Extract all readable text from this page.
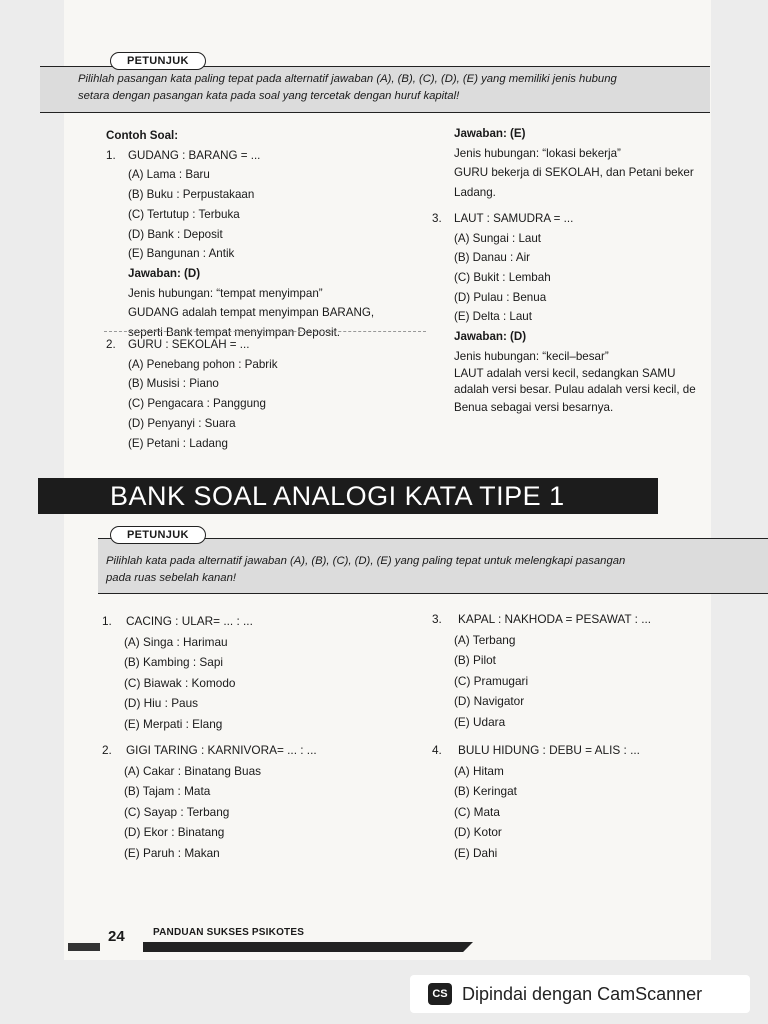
Pilihlah pasangan kata paling tepat pada alternatif jawaban (A), (B), (C), (D), (E) yang memiliki jenis hubung
setara dengan pasangan kata pada soal yang tercetak dengan huruf kapital!
PETUNJUK
Contoh Soal:
1. GUDANG : BARANG = ...
(A) Lama : Baru
(B) Buku : Perpustakaan
(C) Tertutup : Terbuka
(D) Bank : Deposit
(E) Bangunan : Antik
Jawaban: (D)
Jenis hubungan: “tempat menyimpan”
GUDANG adalah tempat menyimpan BARANG,
seperti Bank tempat menyimpan Deposit.
2. GURU : SEKOLAH = ...
(A) Penebang pohon : Pabrik
(B) Musisi : Piano
(C) Pengacara : Panggung
(D) Penyanyi : Suara
(E) Petani : Ladang
Jawaban: (E)
Jenis hubungan: “lokasi bekerja”
GURU bekerja di SEKOLAH, dan Petani beker
Ladang.
3. LAUT : SAMUDRA = ...
(A) Sungai : Laut
(B) Danau : Air
(C) Bukit : Lembah
(D) Pulau : Benua
(E) Delta : Laut
Jawaban: (D)
Jenis hubungan: “kecil–besar”
LAUT adalah versi kecil, sedangkan SAMU
adalah versi besar. Pulau adalah versi kecil, de
Benua sebagai versi besarnya.
BANK SOAL ANALOGI KATA TIPE 1
Pilihlah kata pada alternatif jawaban (A), (B), (C), (D), (E) yang paling tepat untuk melengkapi pasangan
pada ruas sebelah kanan!
PETUNJUK
1. CACING : ULAR= ... : ...
(A) Singa : Harimau
(B) Kambing : Sapi
(C) Biawak : Komodo
(D) Hiu : Paus
(E) Merpati : Elang
2. GIGI TARING : KARNIVORA= ... : ...
(A) Cakar : Binatang Buas
(B) Tajam : Mata
(C) Sayap : Terbang
(D) Ekor : Binatang
(E) Paruh : Makan
3. KAPAL : NAKHODA = PESAWAT : ...
(A) Terbang
(B) Pilot
(C) Pramugari
(D) Navigator
(E) Udara
4. BULU HIDUNG : DEBU = ALIS : ...
(A) Hitam
(B) Keringat
(C) Mata
(D) Kotor
(E) Dahi
24	PANDUAN SUKSES PSIKOTES
CS Dipindai dengan CamScanner
